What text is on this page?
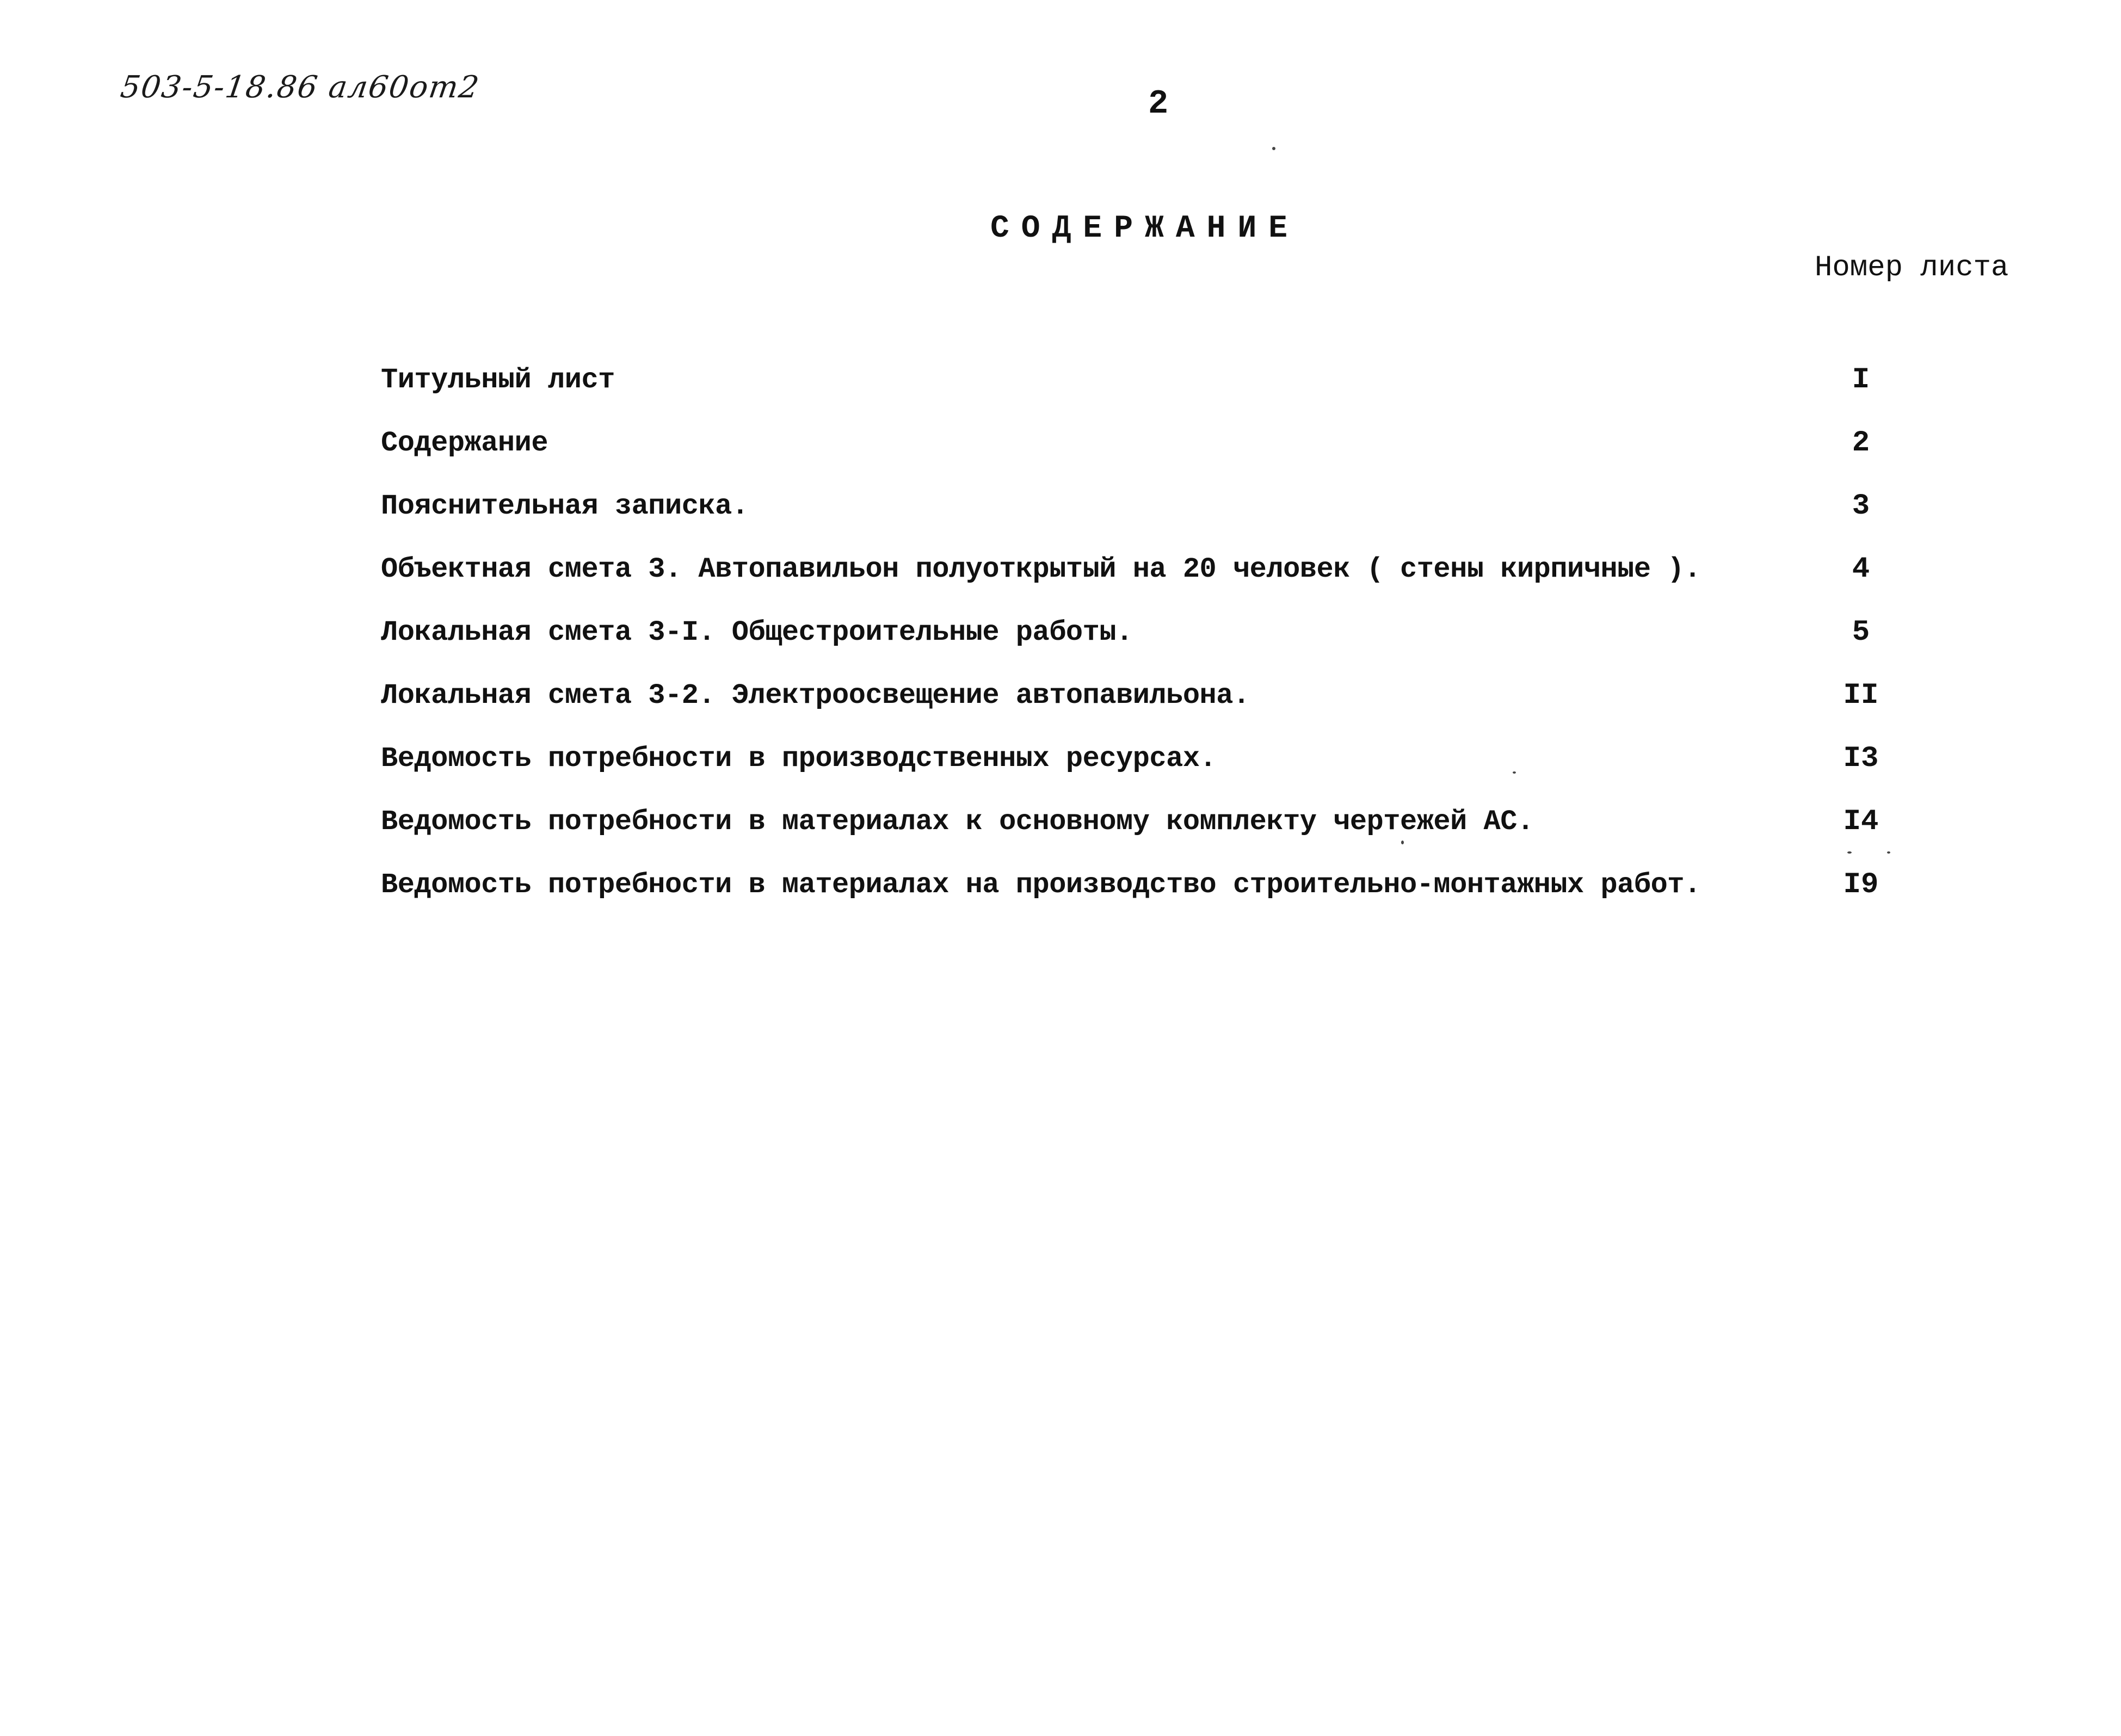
503-5-18.86 ал60от2	2
СОДЕРЖАНИЕ
Номер листа
Титульный лист	I
Содержание	2
Пояснительная записка.	3
Объектная смета 3. Автопавильон полуоткрытый на 20 человек ( стены кирпичные ).	4
Локальная смета 3-I. Общестроительные работы.	5
Локальная смета 3-2. Электроосвещение автопавильона.	II
Ведомость потребности в производственных ресурсах.	I3
Ведомость потребности в материалах к основному комплекту чертежей АС.	I4
Ведомость потребности в материалах на производство строительно-монтажных работ.	I9
